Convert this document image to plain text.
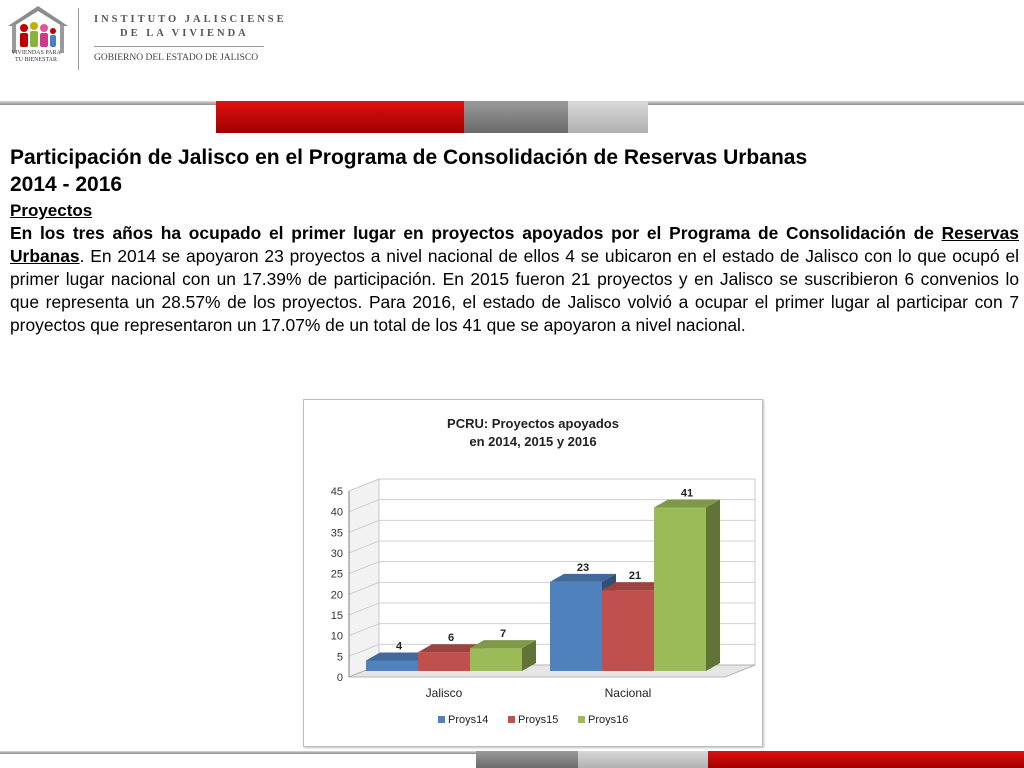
VIVIENDAS PARA
TU BIENESTAR
INSTITUTO JALISCIENSE
DE LA VIVIENDA
GOBIERNO DEL ESTADO DE JALISCO

Participación de Jalisco en el Programa de Consolidación de Reservas Urbanas
2014 - 2016

Proyectos

En los tres años ha ocupado el primer lugar en proyectos apoyados por el Programa de Consolidación de Reservas Urbanas. En 2014 se apoyaron 23 proyectos a nivel nacional de ellos 4 se ubicaron en el estado de Jalisco con lo que ocupó el primer lugar nacional con un 17.39% de participación. En 2015 fueron 21 proyectos y en Jalisco se suscribieron 6 convenios lo que representa un 28.57% de los proyectos. Para 2016, el estado de Jalisco volvió a ocupar el primer lugar al participar con 7 proyectos que representaron un 17.07% de un total de los 41 que se apoyaron a nivel nacional.

PCRU: Proyectos apoyados
en 2014, 2015 y 2016
0
5
10
15
20
25
30
35
40
45
4
6	7
Jalisco
23
21
41
Nacional
Proys14	Proys15	Proys16
